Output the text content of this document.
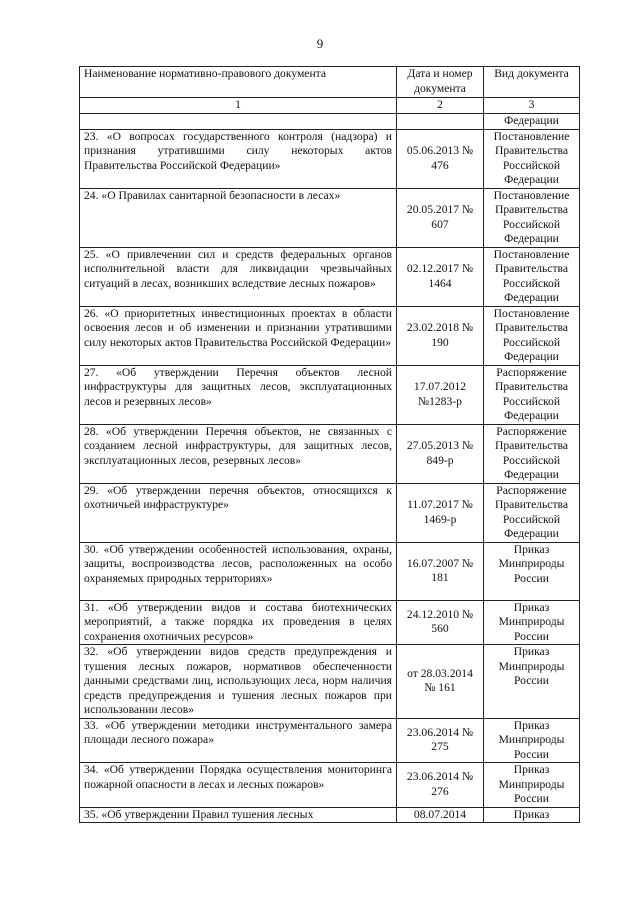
9
Наименование нормативно-правового документа	Дата и номер документа	Вид документа
1	2	3
		Федерации
23. «О вопросах государственного контроля (надзора) и признания утратившими силу некоторых актов Правительства Российской Федерации»	05.06.2013 № 476	Постановление Правительства Российской Федерации
24. «О Правилах санитарной безопасности в лесах»	20.05.2017 № 607	Постановление Правительства Российской Федерации
25. «О привлечении сил и средств федеральных органов исполнительной власти для ликвидации чрезвычайных ситуаций в лесах, возникших вследствие лесных пожаров»	02.12.2017 № 1464	Постановление Правительства Российской Федерации
26. «О приоритетных инвестиционных проектах в области освоения лесов и об изменении и признании утратившими силу некоторых актов Правительства Российской Федерации»	23.02.2018 № 190	Постановление Правительства Российской Федерации
27. «Об утверждении Перечня объектов лесной инфраструктуры для защитных лесов, эксплуатационных лесов и резервных лесов»	17.07.2012 №1283-р	Распоряжение Правительства Российской Федерации
28. «Об утверждении Перечня объектов, не связанных с созданием лесной инфраструктуры, для защитных лесов, эксплуатационных лесов, резервных лесов»	27.05.2013 № 849-р	Распоряжение Правительства Российской Федерации
29. «Об утверждении перечня объектов, относящихся к охотничьей инфраструктуре»	11.07.2017 № 1469-р	Распоряжение Правительства Российской Федерации
30. «Об утверждении особенностей использования, охраны, защиты, воспроизводства лесов, расположенных на особо охраняемых природных территориях»	16.07.2007 № 181	Приказ Минприроды России
31. «Об утверждении видов и состава биотехнических мероприятий, а также порядка их проведения в целях сохранения охотничьих ресурсов»	24.12.2010 № 560	Приказ Минприроды России
32. «Об утверждении видов средств предупреждения и тушения лесных пожаров, нормативов обеспеченности данными средствами лиц, использующих леса, норм наличия средств предупреждения и тушения лесных пожаров при использовании лесов»	от 28.03.2014 № 161	Приказ Минприроды России
33. «Об утверждении методики инструментального замера площади лесного пожара»	23.06.2014 № 275	Приказ Минприроды России
34. «Об утверждении Порядка осуществления мониторинга пожарной опасности в лесах и лесных пожаров»	23.06.2014 № 276	Приказ Минприроды России
35. «Об утверждении Правил тушения лесных	08.07.2014	Приказ
